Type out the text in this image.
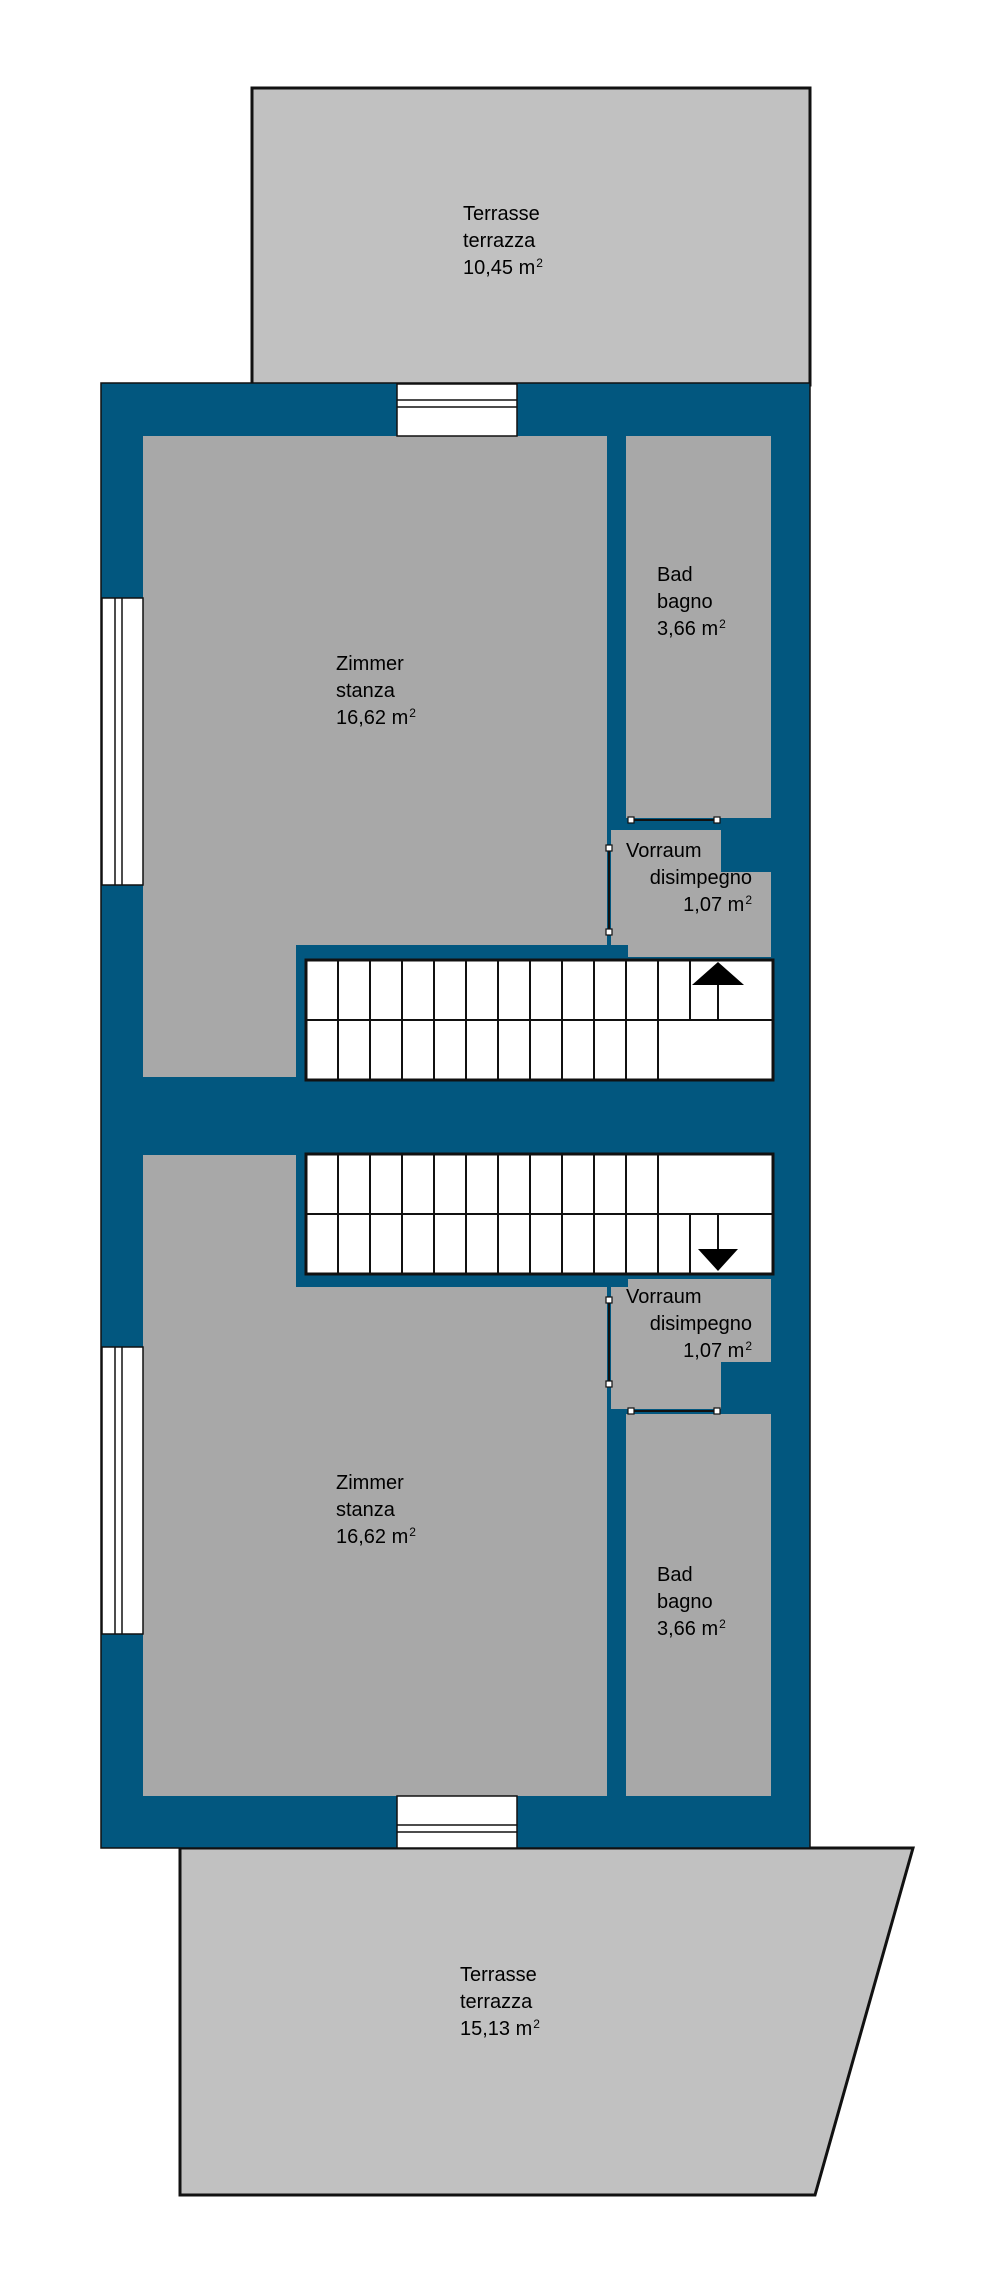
Terrasse
terrazza
10,45 $m^2$
Zimmer
stanza
16,62 $m^2$
Bad
bagno
3,66 $m^2$
Vorraum
disimpegno
1,07 $m^2$
Vorraum
disimpegno
1,07 $m^2$
Zimmer
stanza
16,62 $m^2$
Bad
bagno
3,66 $m^2$
Terrasse
terrazza
15,13 $m^2$
